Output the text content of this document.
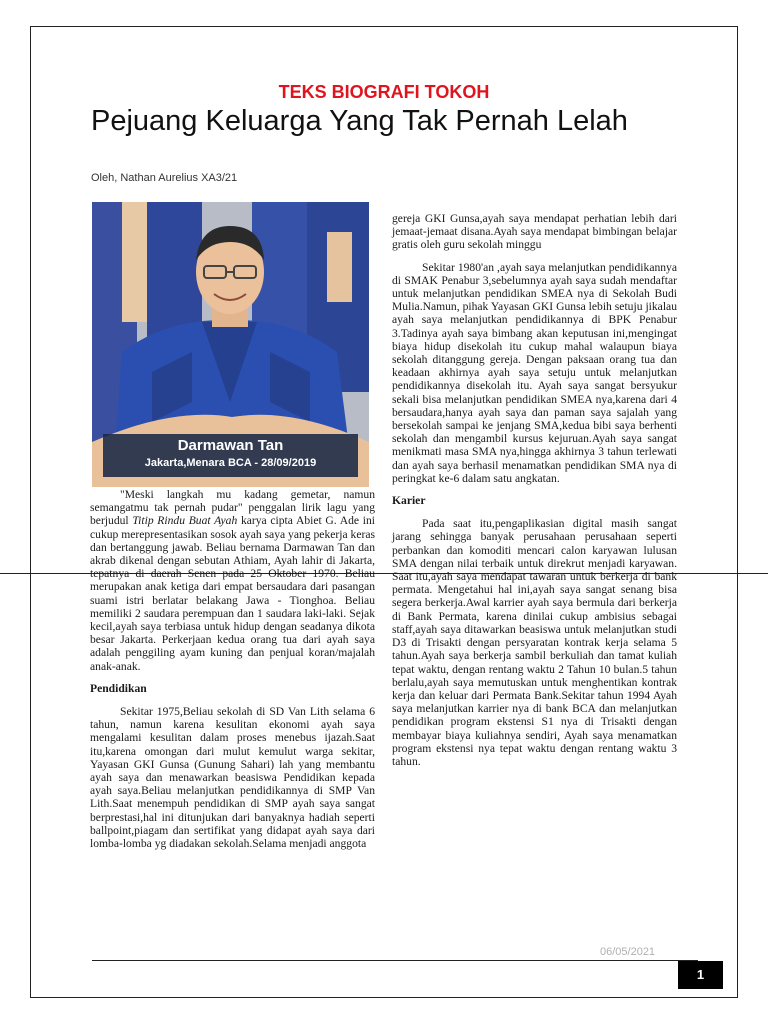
TEKS BIOGRAFI TOKOH
Pejuang Keluarga Yang Tak Pernah Lelah
Oleh, Nathan Aurelius XA3/21
Darmawan Tan
Jakarta,Menara BCA - 28/09/2019

"Meski langkah mu kadang gemetar, namun semangatmu tak pernah pudar" penggalan lirik lagu yang berjudul Titip Rindu Buat Ayah karya cipta Abiet G. Ade ini cukup merepresentasikan sosok ayah saya yang pekerja keras dan bertanggung jawab. Beliau bernama Darmawan Tan dan akrab dikenal dengan sebutan Athiam, Ayah lahir di Jakarta, tepatnya di daerah Senen pada 25 Oktober 1970. Beliau merupakan anak ketiga dari empat bersaudara dari pasangan suami istri berlatar belakang Jawa - Tionghoa. Beliau memiliki 2 saudara perempuan dan 1 saudara laki-laki. Sejak kecil,ayah saya terbiasa untuk hidup dengan seadanya dikota besar Jakarta. Perkerjaan kedua orang tua dari ayah saya adalah penggiling ayam kuning dan penjual koran/majalah anak-anak.

Pendidikan

Sekitar 1975,Beliau sekolah di SD Van Lith selama 6 tahun, namun karena kesulitan ekonomi ayah saya mengalami kesulitan dalam proses menebus ijazah.Saat itu,karena omongan dari mulut kemulut warga sekitar, Yayasan GKI Gunsa (Gunung Sahari) lah yang membantu ayah saya dan menawarkan beasiswa Pendidikan kepada ayah saya.Beliau melanjutkan pendidikannya di SMP Van Lith.Saat menempuh pendidikan di SMP ayah saya sangat berprestasi,hal ini ditunjukan dari banyaknya hadiah seperti ballpoint,piagam dan sertifikat yang didapat ayah saya dari lomba-lomba yg diadakan sekolah.Selama menjadi anggota

gereja GKI Gunsa,ayah saya mendapat perhatian lebih dari jemaat-jemaat disana.Ayah saya mendapat bimbingan belajar gratis oleh guru sekolah minggu

Sekitar 1980'an ,ayah saya melanjutkan pendidikannya di SMAK Penabur 3,sebelumnya ayah saya sudah mendaftar untuk melanjutkan pendidikan SMEA nya di Sekolah Budi Mulia.Namun, pihak Yayasan GKI Gunsa lebih setuju jikalau ayah saya melanjutkan pendidikannya di BPK Penabur 3.Tadinya ayah saya bimbang akan keputusan ini,mengingat biaya hidup disekolah itu cukup mahal walaupun biaya sekolah ditanggung gereja. Dengan paksaan orang tua dan keadaan akhirnya ayah saya setuju untuk melanjutkan pendidikannya disekolah itu. Ayah saya sangat bersyukur sekali bisa melanjutkan pendidikan SMEA nya,karena dari 4 bersaudara,hanya ayah saya dan paman saya sajalah yang bersekolah sampai ke jenjang SMA,kedua bibi saya berhenti sekolah dan mengambil kursus kejuruan.Ayah saya sangat menikmati masa SMA nya,hingga akhirnya 3 tahun terlewati dan ayah saya berhasil menamatkan pendidikan SMA nya di peringkat ke-6 dalam satu angkatan.

Karier

Pada saat itu,pengaplikasian digital masih sangat jarang sehingga banyak perusahaan perusahaan seperti perbankan dan komoditi mencari calon karyawan lulusan SMA dengan nilai terbaik untuk direkrut menjadi karyawan. Saat itu,ayah saya mendapat tawaran untuk berkerja di bank permata. Mengetahui hal ini,ayah saya sangat senang bisa segera berkerja.Awal karrier ayah saya bermula dari berkerja di Bank Permata, karena dinilai cukup ambisius sebagai staff,ayah saya ditawarkan beasiswa untuk melanjutkan studi D3 di Trisakti dengan persyaratan kontrak kerja selama 5 tahun.Ayah saya berkerja sambil berkuliah dan tamat kuliah tepat waktu, dengan rentang waktu 2 Tahun 10 bulan.5 tahun berlalu,ayah saya memutuskan untuk menghentikan kontrak kerja dan keluar dari Permata Bank.Sekitar tahun 1994 Ayah saya melanjutkan karrier nya di bank BCA dan melanjutkan pendidikan program ekstensi S1 nya di Trisakti dengan membayar biaya kuliahnya sendiri, Ayah saya menamatkan program ekstensi nya tepat waktu dengan rentang waktu 3 tahun.

06/05/2021
1
